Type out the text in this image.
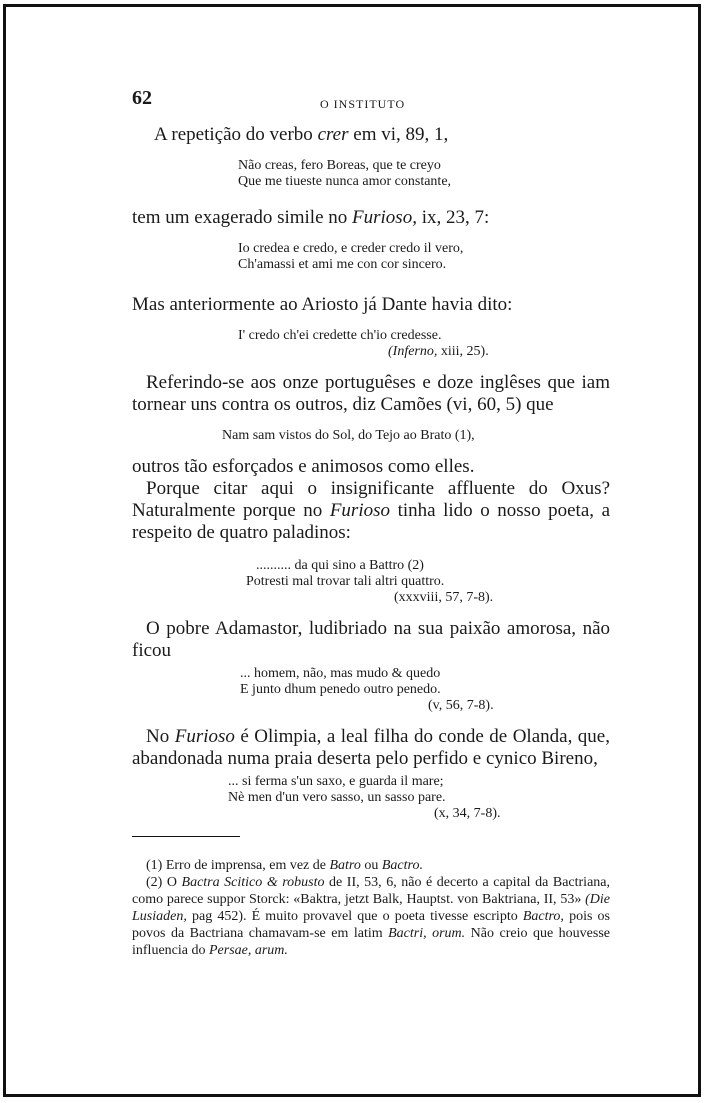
62	O INSTITUTO
A repetição do verbo crer em vi, 89, 1,
Não creas, fero Boreas, que te creyo
Que me tiueste nunca amor constante,
tem um exagerado simile no Furioso, ix, 23, 7:
Io credea e credo, e creder credo il vero,
Ch'amassi et ami me con cor sincero.
Mas anteriormente ao Ariosto já Dante havia dito:
I' credo ch'ei credette ch'io credesse.
(Inferno, xiii, 25).

Referindo-se aos onze portuguêses e doze inglêses que iam tornear uns contra os outros, diz Camões (vi, 60, 5) que

Nam sam vistos do Sol, do Tejo ao Brato (1),

outros tão esforçados e animosos como elles.

Porque citar aqui o insignificante affluente do Oxus? Naturalmente porque no Furioso tinha lido o nosso poeta, a respeito de quatro paladinos:

.......... da qui sino a Battro (2)
Potresti mal trovar tali altri quattro.
(xxxviii, 57, 7-8).

O pobre Adamastor, ludibriado na sua paixão amorosa, não ficou

... homem, não, mas mudo & quedo
E junto dhum penedo outro penedo.
(v, 56, 7-8).

No Furioso é Olimpia, a leal filha do conde de Olanda, que, abandonada numa praia deserta pelo perfido e cynico Bireno,

... si ferma s'un saxo, e guarda il mare;
Nè men d'un vero sasso, un sasso pare.
(x, 34, 7-8).

(1) Erro de imprensa, em vez de Batro ou Bactro.

(2) O Bactra Scitico & robusto de II, 53, 6, não é decerto a capital da Bactriana, como parece suppor Storck: «Baktra, jetzt Balk, Hauptst. von Baktriana, II, 53» (Die Lusiaden, pag 452). É muito provavel que o poeta tivesse escripto Bactro, pois os povos da Bactriana chamavam-se em latim Bactri, orum. Não creio que houvesse influencia do Persae, arum.
